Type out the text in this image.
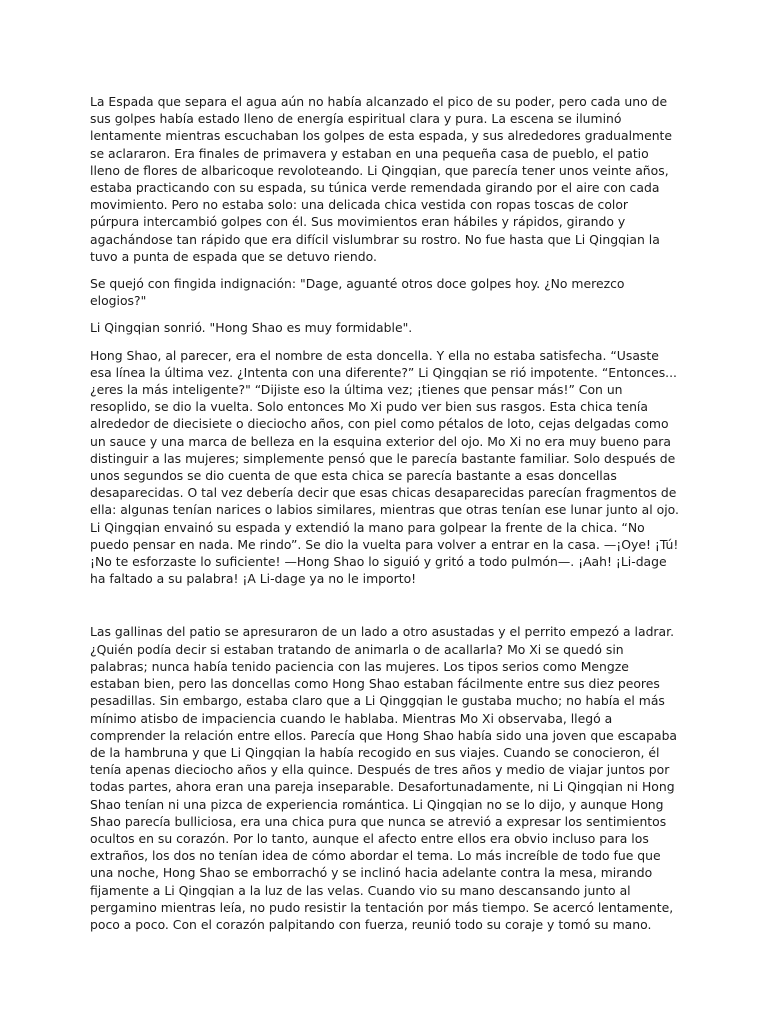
La Espada que separa el agua aún no había alcanzado el pico de su poder, pero cada uno de sus golpes había estado lleno de energía espiritual clara y pura. La escena se iluminó lentamente mientras escuchaban los golpes de esta espada, y sus alrededores gradualmente se aclararon. Era finales de primavera y estaban en una pequeña casa de pueblo, el patio lleno de flores de albaricoque revoloteando. Li Qingqian, que parecía tener unos veinte años, estaba practicando con su espada, su túnica verde remendada girando por el aire con cada movimiento. Pero no estaba solo: una delicada chica vestida con ropas toscas de color púrpura intercambió golpes con él. Sus movimientos eran hábiles y rápidos, girando y agachándose tan rápido que era difícil vislumbrar su rostro. No fue hasta que Li Qingqian la tuvo a punta de espada que se detuvo riendo.

Se quejó con fingida indignación: "Dage, aguanté otros doce golpes hoy. ¿No merezco elogios?"

Li Qingqian sonrió. "Hong Shao es muy formidable".

Hong Shao, al parecer, era el nombre de esta doncella. Y ella no estaba satisfecha. “Usaste esa línea la última vez. ¿Intenta con una diferente?” Li Qingqian se rió impotente. “Entonces... ¿eres la más inteligente?" “Dijiste eso la última vez; ¡tienes que pensar más!” Con un resoplido, se dio la vuelta. Solo entonces Mo Xi pudo ver bien sus rasgos. Esta chica tenía alrededor de diecisiete o dieciocho años, con piel como pétalos de loto, cejas delgadas como un sauce y una marca de belleza en la esquina exterior del ojo. Mo Xi no era muy bueno para distinguir a las mujeres; simplemente pensó que le parecía bastante familiar. Solo después de unos segundos se dio cuenta de que esta chica se parecía bastante a esas doncellas desaparecidas. O tal vez debería decir que esas chicas desaparecidas parecían fragmentos de ella: algunas tenían narices o labios similares, mientras que otras tenían ese lunar junto al ojo. Li Qingqian envainó su espada y extendió la mano para golpear la frente de la chica. “No puedo pensar en nada. Me rindo”. Se dio la vuelta para volver a entrar en la casa. —¡Oye! ¡Tú! ¡No te esforzaste lo suficiente! —Hong Shao lo siguió y gritó a todo pulmón—. ¡Aah! ¡Li-dage ha faltado a su palabra! ¡A Li-dage ya no le importo!

Las gallinas del patio se apresuraron de un lado a otro asustadas y el perrito empezó a ladrar. ¿Quién podía decir si estaban tratando de animarla o de acallarla? Mo Xi se quedó sin palabras; nunca había tenido paciencia con las mujeres. Los tipos serios como Mengze estaban bien, pero las doncellas como Hong Shao estaban fácilmente entre sus diez peores pesadillas. Sin embargo, estaba claro que a Li Qinggqian le gustaba mucho; no había el más mínimo atisbo de impaciencia cuando le hablaba. Mientras Mo Xi observaba, llegó a comprender la relación entre ellos. Parecía que Hong Shao había sido una joven que escapaba de la hambruna y que Li Qingqian la había recogido en sus viajes. Cuando se conocieron, él tenía apenas dieciocho años y ella quince. Después de tres años y medio de viajar juntos por todas partes, ahora eran una pareja inseparable. Desafortunadamente, ni Li Qingqian ni Hong Shao tenían ni una pizca de experiencia romántica. Li Qingqian no se lo dijo, y aunque Hong Shao parecía bulliciosa, era una chica pura que nunca se atrevió a expresar los sentimientos ocultos en su corazón. Por lo tanto, aunque el afecto entre ellos era obvio incluso para los extraños, los dos no tenían idea de cómo abordar el tema. Lo más increíble de todo fue que una noche, Hong Shao se emborrachó y se inclinó hacia adelante contra la mesa, mirando fijamente a Li Qingqian a la luz de las velas. Cuando vio su mano descansando junto al pergamino mientras leía, no pudo resistir la tentación por más tiempo. Se acercó lentamente, poco a poco. Con el corazón palpitando con fuerza, reunió todo su coraje y tomó su mano.
